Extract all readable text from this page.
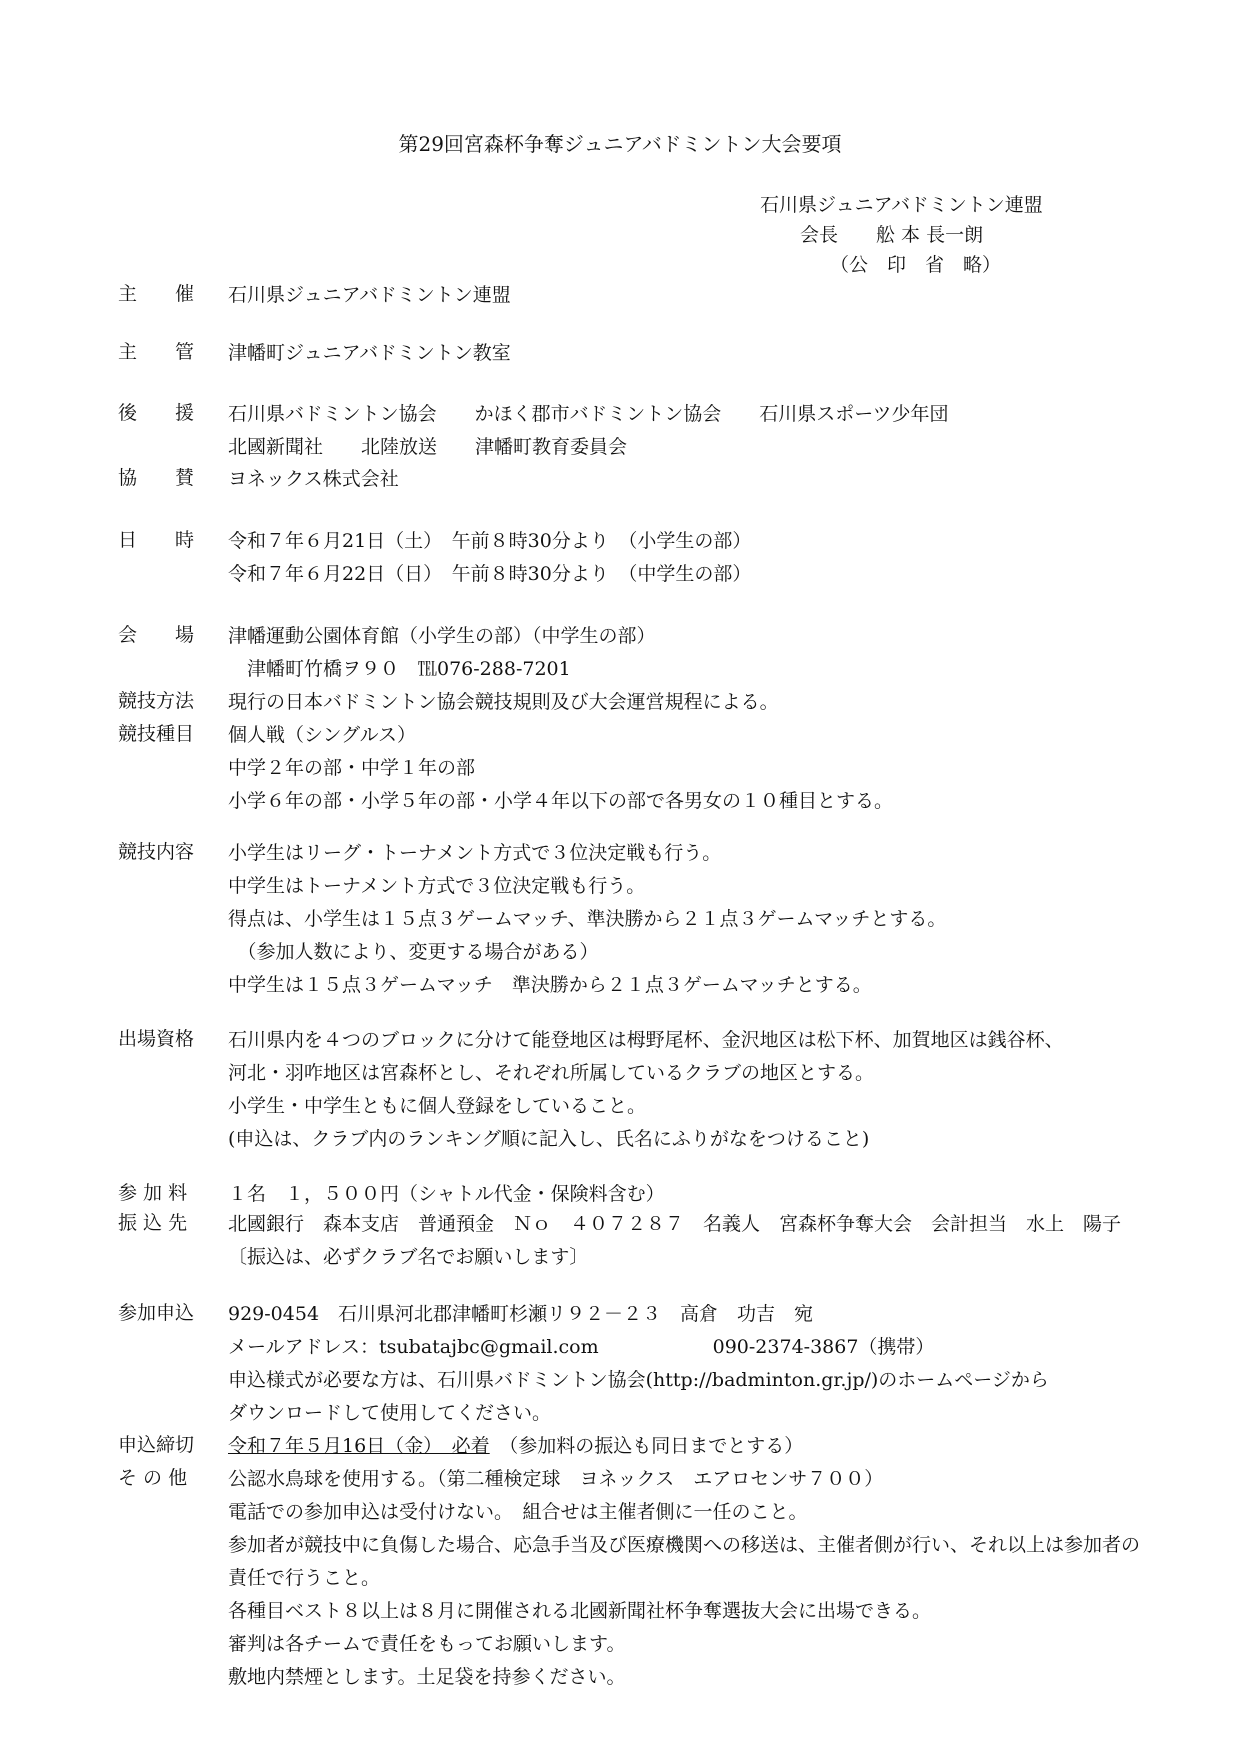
第29回宮森杯争奪ジュニアバドミントン大会要項
石川県ジュニアバドミントン連盟
会長　　舩 本 長一朗
（公　印　省　略）
主　　催	石川県ジュニアバドミントン連盟
主　　管	津幡町ジュニアバドミントン教室
後　　援	石川県バドミントン協会　　かほく郡市バドミントン協会　　石川県スポーツ少年団
北國新聞社　　北陸放送　　津幡町教育委員会
協　　賛	ヨネックス株式会社
日　　時	令和７年６月21日（土）　午前８時30分より　（小学生の部）
令和７年６月22日（日）　午前８時30分より　（中学生の部）
会　　場	津幡運動公園体育館（小学生の部）（中学生の部）
　津幡町竹橋ヲ９０　℡076-288-7201
競技方法	現行の日本バドミントン協会競技規則及び大会運営規程による。
競技種目	個人戦（シングルス）
中学２年の部・中学１年の部
小学６年の部・小学５年の部・小学４年以下の部で各男女の１０種目とする。
競技内容	小学生はリーグ・トーナメント方式で３位決定戦も行う。
中学生はトーナメント方式で３位決定戦も行う。
得点は、小学生は１５点３ゲームマッチ、準決勝から２１点３ゲームマッチとする。
　（参加人数により、変更する場合がある）
中学生は１５点３ゲームマッチ　準決勝から２１点３ゲームマッチとする。
出場資格	石川県内を４つのブロックに分けて能登地区は栂野尾杯、金沢地区は松下杯、加賀地区は銭谷杯、
河北・羽咋地区は宮森杯とし、それぞれ所属しているクラブの地区とする。
小学生・中学生ともに個人登録をしていること。
(申込は、クラブ内のランキング順に記入し、氏名にふりがなをつけること)
参 加 料	１名　１，５００円（シャトル代金・保険料含む）
振 込 先	北國銀行　森本支店　普通預金　Ｎｏ　４０７２８７　名義人　宮森杯争奪大会　会計担当　水上　陽子
〔振込は、必ずクラブ名でお願いします〕
参加申込	929-0454　石川県河北郡津幡町杉瀬リ９２－２３　高倉　功吉　宛
メールアドレス：tsubatajbc@gmail.com　　　　　　090-2374-3867（携帯）
申込様式が必要な方は、石川県バドミントン協会(http://badminton.gr.jp/)のホームページから
ダウンロードして使用してください。
申込締切	令和７年５月16日（金）　必着　 （参加料の振込も同日までとする）
そ の 他	公認水鳥球を使用する。（第二種検定球　ヨネックス　エアロセンサ７００）
電話での参加申込は受付けない。　組合せは主催者側に一任のこと。
参加者が競技中に負傷した場合、応急手当及び医療機関への移送は、主催者側が行い、それ以上は参加者の
責任で行うこと。
各種目ベスト８以上は８月に開催される北國新聞社杯争奪選抜大会に出場できる。
審判は各チームで責任をもってお願いします。
敷地内禁煙とします。土足袋を持参ください。
